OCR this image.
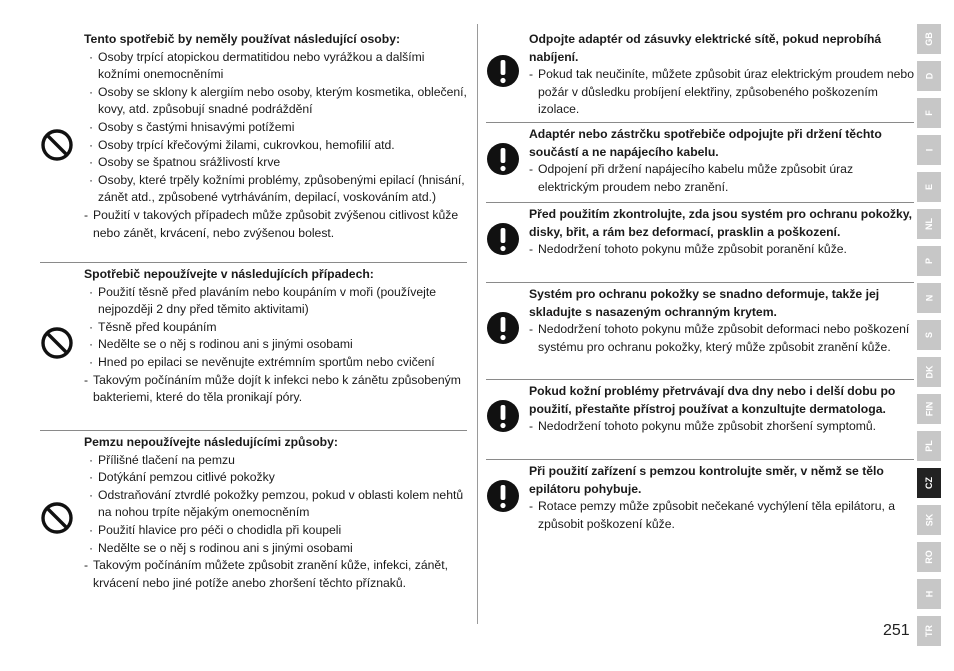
Tento spotřebič by neměly používat následující osoby:
· Osoby trpící atopickou dermatitidou nebo vyrážkou a dalšími kožními onemocněními
· Osoby se sklony k alergiím nebo osoby, kterým kosmetika, oblečení, kovy, atd. způsobují snadné podráždění
· Osoby s častými hnisavými potížemi
· Osoby trpící křečovými žilami, cukrovkou, hemofilií atd.
· Osoby se špatnou srážlivostí krve
· Osoby, které trpěly kožními problémy, způsobenými epilací (hnisání, zánět atd., způsobené vytrháváním, depilací, voskováním atd.)
- Použití v takových případech může způsobit zvýšenou citlivost kůže nebo zánět, krvácení, nebo zvýšenou bolest.
Spotřebič nepoužívejte v následujících případech:
· Použití těsně před plaváním nebo koupáním v moři (používejte nejpozději 2 dny před těmito aktivitami)
· Těsně před koupáním
· Nedělte se o něj s rodinou ani s jinými osobami
· Hned po epilaci se nevěnujte extrémním sportům nebo cvičení
- Takovým počínáním může dojít k infekci nebo k zánětu způsobeným bakteriemi, které do těla pronikají póry.
Pemzu nepoužívejte následujícími způsoby:
· Přílišné tlačení na pemzu
· Dotýkání pemzou citlivé pokožky
· Odstraňování ztvrdlé pokožky pemzou, pokud v oblasti kolem nehtů na nohou trpíte nějakým onemocněním
· Použití hlavice pro péči o chodidla při koupeli
· Nedělte se o něj s rodinou ani s jinými osobami
- Takovým počínáním můžete způsobit zranění kůže, infekci, zánět, krvácení nebo jiné potíže anebo zhoršení těchto příznaků.
Odpojte adaptér od zásuvky elektrické sítě, pokud neprobíhá nabíjení.
- Pokud tak neučiníte, můžete způsobit úraz elektrickým proudem nebo požár v důsledku probíjení elektřiny, způsobeného poškozením izolace.
Adaptér nebo zástrčku spotřebiče odpojujte při držení těchto součástí a ne napájecího kabelu.
- Odpojení při držení napájecího kabelu může způsobit úraz elektrickým proudem nebo zranění.
Před použitím zkontrolujte, zda jsou systém pro ochranu pokožky, disky, břit, a rám bez deformací, prasklin a poškození.
- Nedodržení tohoto pokynu může způsobit poranění kůže.
Systém pro ochranu pokožky se snadno deformuje, takže jej skladujte s nasazeným ochranným krytem.
- Nedodržení tohoto pokynu může způsobit deformaci nebo poškození systému pro ochranu pokožky, který může způsobit zranění kůže.
Pokud kožní problémy přetrvávají dva dny nebo i delší dobu po použití, přestaňte přístroj používat a konzultujte dermatologa.
- Nedodržení tohoto pokynu může způsobit zhoršení symptomů.
Při použití zařízení s pemzou kontrolujte směr, v němž se tělo epilátoru pohybuje.
- Rotace pemzy může způsobit nečekané vychýlení těla epilátoru, a způsobit poškození kůže.
GB
D
F
I
E
NL
P
N
S
DK
FIN
PL
CZ
SK
RO
H
TR
251
